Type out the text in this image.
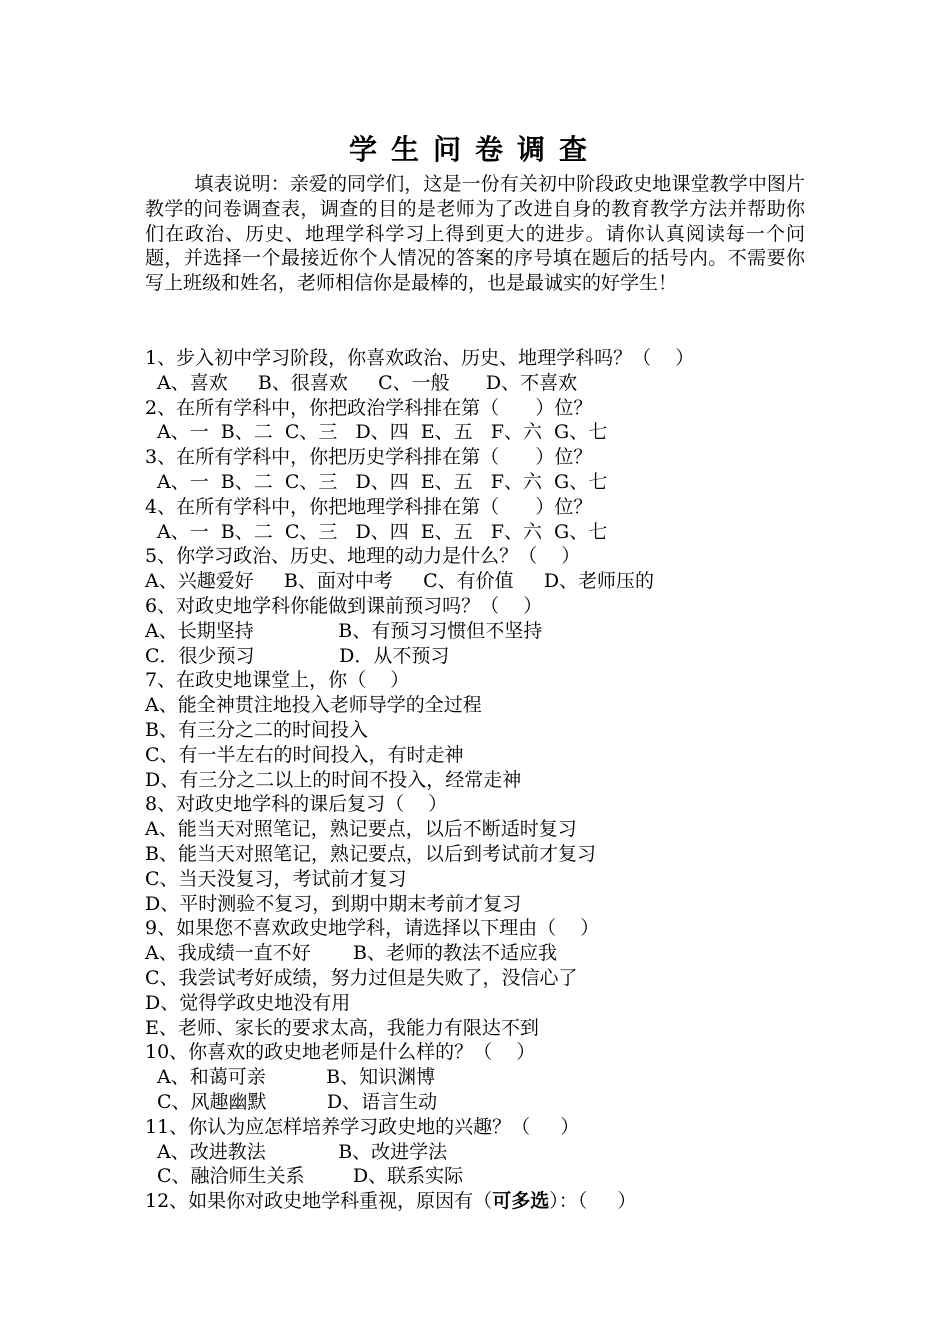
学生问卷调查
填表说明：亲爱的同学们，这是一份有关初中阶段政史地课堂教学中图片教学的问卷调查表，调查的目的是老师为了改进自身的教育教学方法并帮助你们在政治、历史、地理学科学习上得到更大的进步。请你认真阅读每一个问题，并选择一个最接近你个人情况的答案的序号填在题后的括号内。不需要你写上班级和姓名，老师相信你是最棒的，也是最诚实的好学生！
1、步入初中学习阶段，你喜欢政治、历史、地理学科吗？（    ）
A、喜欢     B、很喜欢     C、一般      D、不喜欢
2、在所有学科中，你把政治学科排在第（      ）位？
A、一  B、二  C、三   D、四  E、五   F、六  G、七
3、在所有学科中，你把历史学科排在第（      ）位？
A、一  B、二  C、三   D、四  E、五   F、六  G、七
4、在所有学科中，你把地理学科排在第（      ）位？
A、一  B、二  C、三   D、四  E、五   F、六  G、七
5、你学习政治、历史、地理的动力是什么？（    ）
A、兴趣爱好     B、面对中考     C、有价值     D、老师压的
6、对政史地学科你能做到课前预习吗？（    ）
A、长期坚持              B、有预习习惯但不坚持
C．很少预习              D．从不预习
7、在政史地课堂上，你（    ）
A、能全神贯注地投入老师导学的全过程
B、有三分之二的时间投入
C、有一半左右的时间投入，有时走神
D、有三分之二以上的时间不投入，经常走神
8、对政史地学科的课后复习（    ）
A、能当天对照笔记，熟记要点，以后不断适时复习
B、能当天对照笔记，熟记要点，以后到考试前才复习
C、当天没复习，考试前才复习
D、平时测验不复习，到期中期末考前才复习
9、如果您不喜欢政史地学科，请选择以下理由（    ）
A、我成绩一直不好       B、老师的教法不适应我
C、我尝试考好成绩，努力过但是失败了，没信心了
D、觉得学政史地没有用
E、老师、家长的要求太高，我能力有限达不到
10、你喜欢的政史地老师是什么样的？（    ）
A、和蔼可亲          B、知识渊博
C、风趣幽默          D、语言生动
11、你认为应怎样培养学习政史地的兴趣？（     ）
A、改进教法            B、改进学法
C、融洽师生关系        D、联系实际
12、如果你对政史地学科重视，原因有（可多选）：（     ）
